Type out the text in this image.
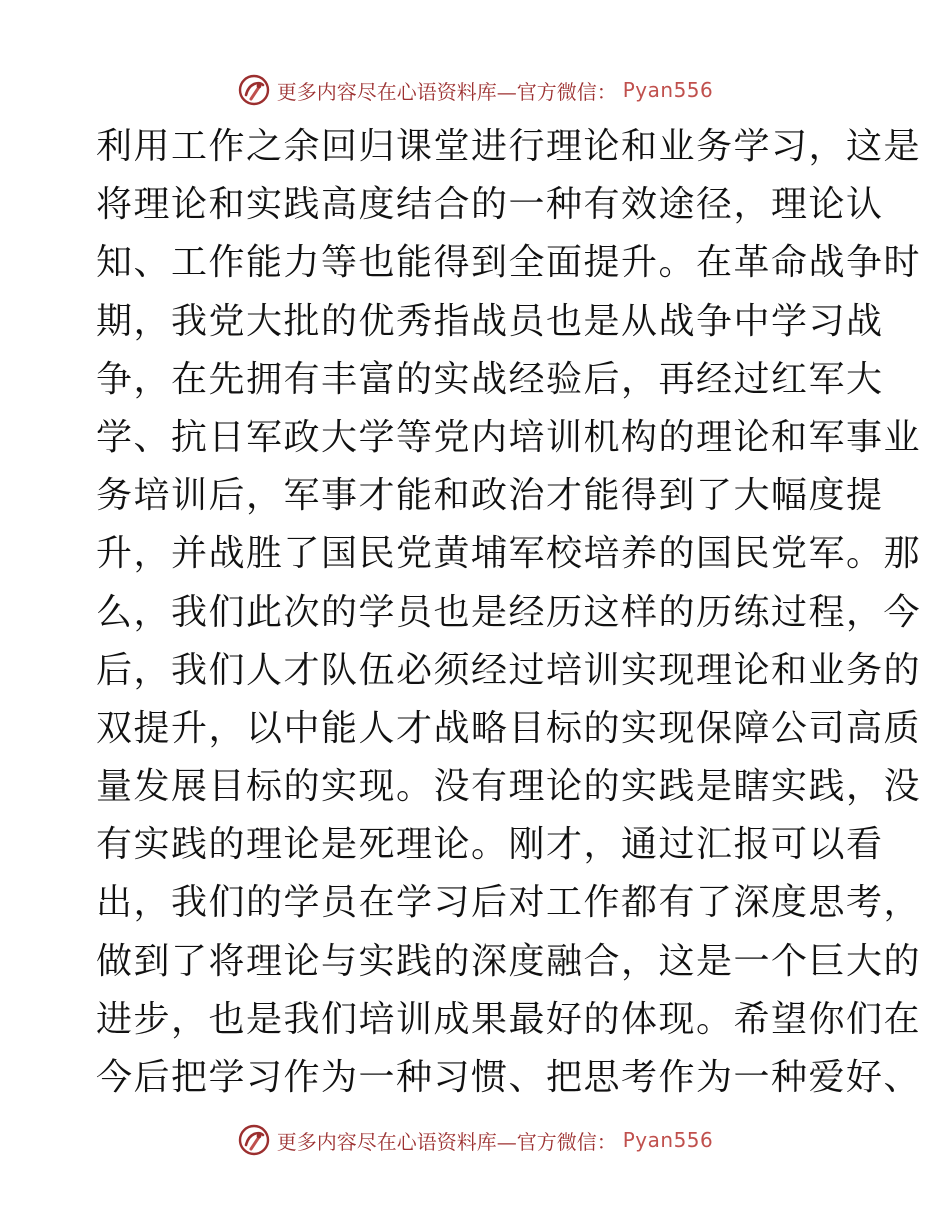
更多内容尽在心语资料库—官方微信： Pyan556
利用工作之余回归课堂进行理论和业务学习，这是
将理论和实践高度结合的一种有效途径，理论认
知、工作能力等也能得到全面提升。在革命战争时
期，我党大批的优秀指战员也是从战争中学习战
争，在先拥有丰富的实战经验后，再经过红军大
学、抗日军政大学等党内培训机构的理论和军事业
务培训后，军事才能和政治才能得到了大幅度提
升，并战胜了国民党黄埔军校培养的国民党军。那
么，我们此次的学员也是经历这样的历练过程，今
后，我们人才队伍必须经过培训实现理论和业务的
双提升，以中能人才战略目标的实现保障公司高质
量发展目标的实现。没有理论的实践是瞎实践，没
有实践的理论是死理论。刚才，通过汇报可以看
出，我们的学员在学习后对工作都有了深度思考，
做到了将理论与实践的深度融合，这是一个巨大的
进步，也是我们培训成果最好的体现。希望你们在
今后把学习作为一种习惯、把思考作为一种爱好、
更多内容尽在心语资料库—官方微信： Pyan556
